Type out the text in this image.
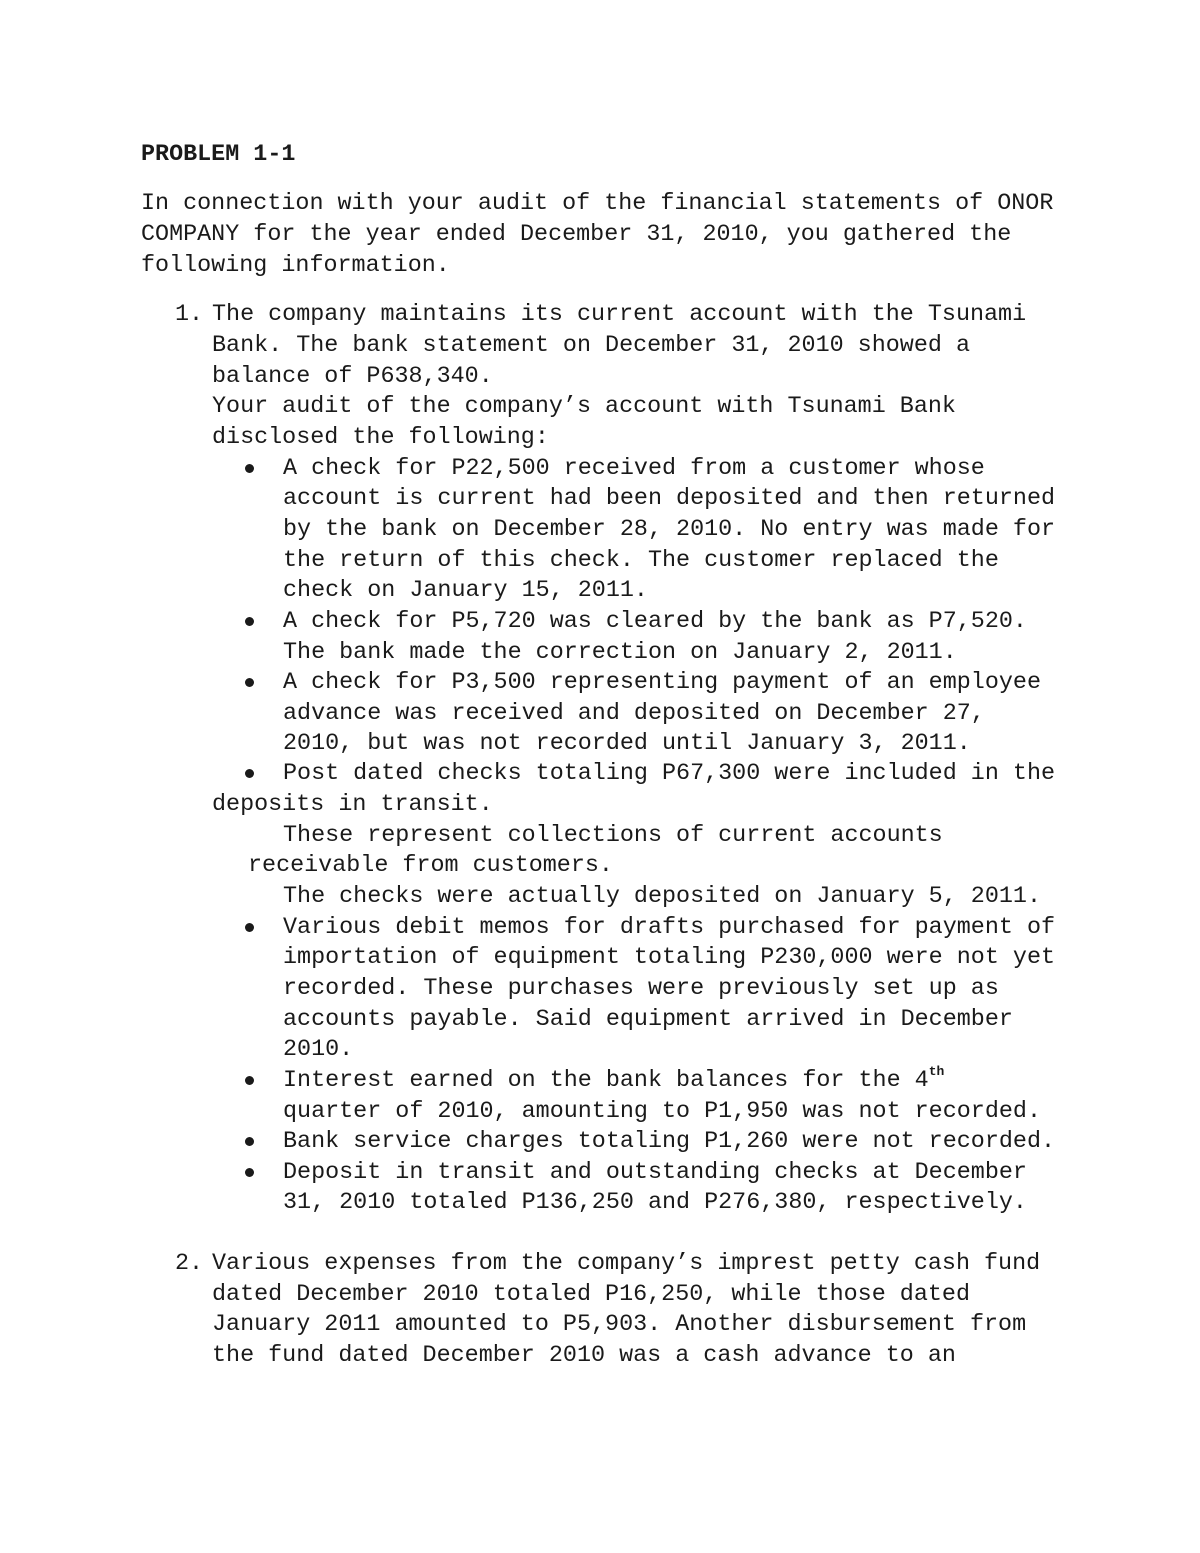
PROBLEM 1-1
In connection with your audit of the financial statements of ONOR
COMPANY for the year ended December 31, 2010, you gathered the
following information.
1. The company maintains its current account with the Tsunami
Bank. The bank statement on December 31, 2010 showed a
balance of P638,340.
Your audit of the company’s account with Tsunami Bank
disclosed the following:
A check for P22,500 received from a customer whose
account is current had been deposited and then returned
by the bank on December 28, 2010. No entry was made for
the return of this check. The customer replaced the
check on January 15, 2011.
A check for P5,720 was cleared by the bank as P7,520.
The bank made the correction on January 2, 2011.
A check for P3,500 representing payment of an employee
advance was received and deposited on December 27,
2010, but was not recorded until January 3, 2011.
Post dated checks totaling P67,300 were included in the
deposits in transit.
These represent collections of current accounts
receivable from customers.
The checks were actually deposited on January 5, 2011.
Various debit memos for drafts purchased for payment of
importation of equipment totaling P230,000 were not yet
recorded. These purchases were previously set up as
accounts payable. Said equipment arrived in December
2010.
Interest earned on the bank balances for the 4th
quarter of 2010, amounting to P1,950 was not recorded.
Bank service charges totaling P1,260 were not recorded.
Deposit in transit and outstanding checks at December
31, 2010 totaled P136,250 and P276,380, respectively.
2. Various expenses from the company’s imprest petty cash fund
dated December 2010 totaled P16,250, while those dated
January 2011 amounted to P5,903. Another disbursement from
the fund dated December 2010 was a cash advance to an
